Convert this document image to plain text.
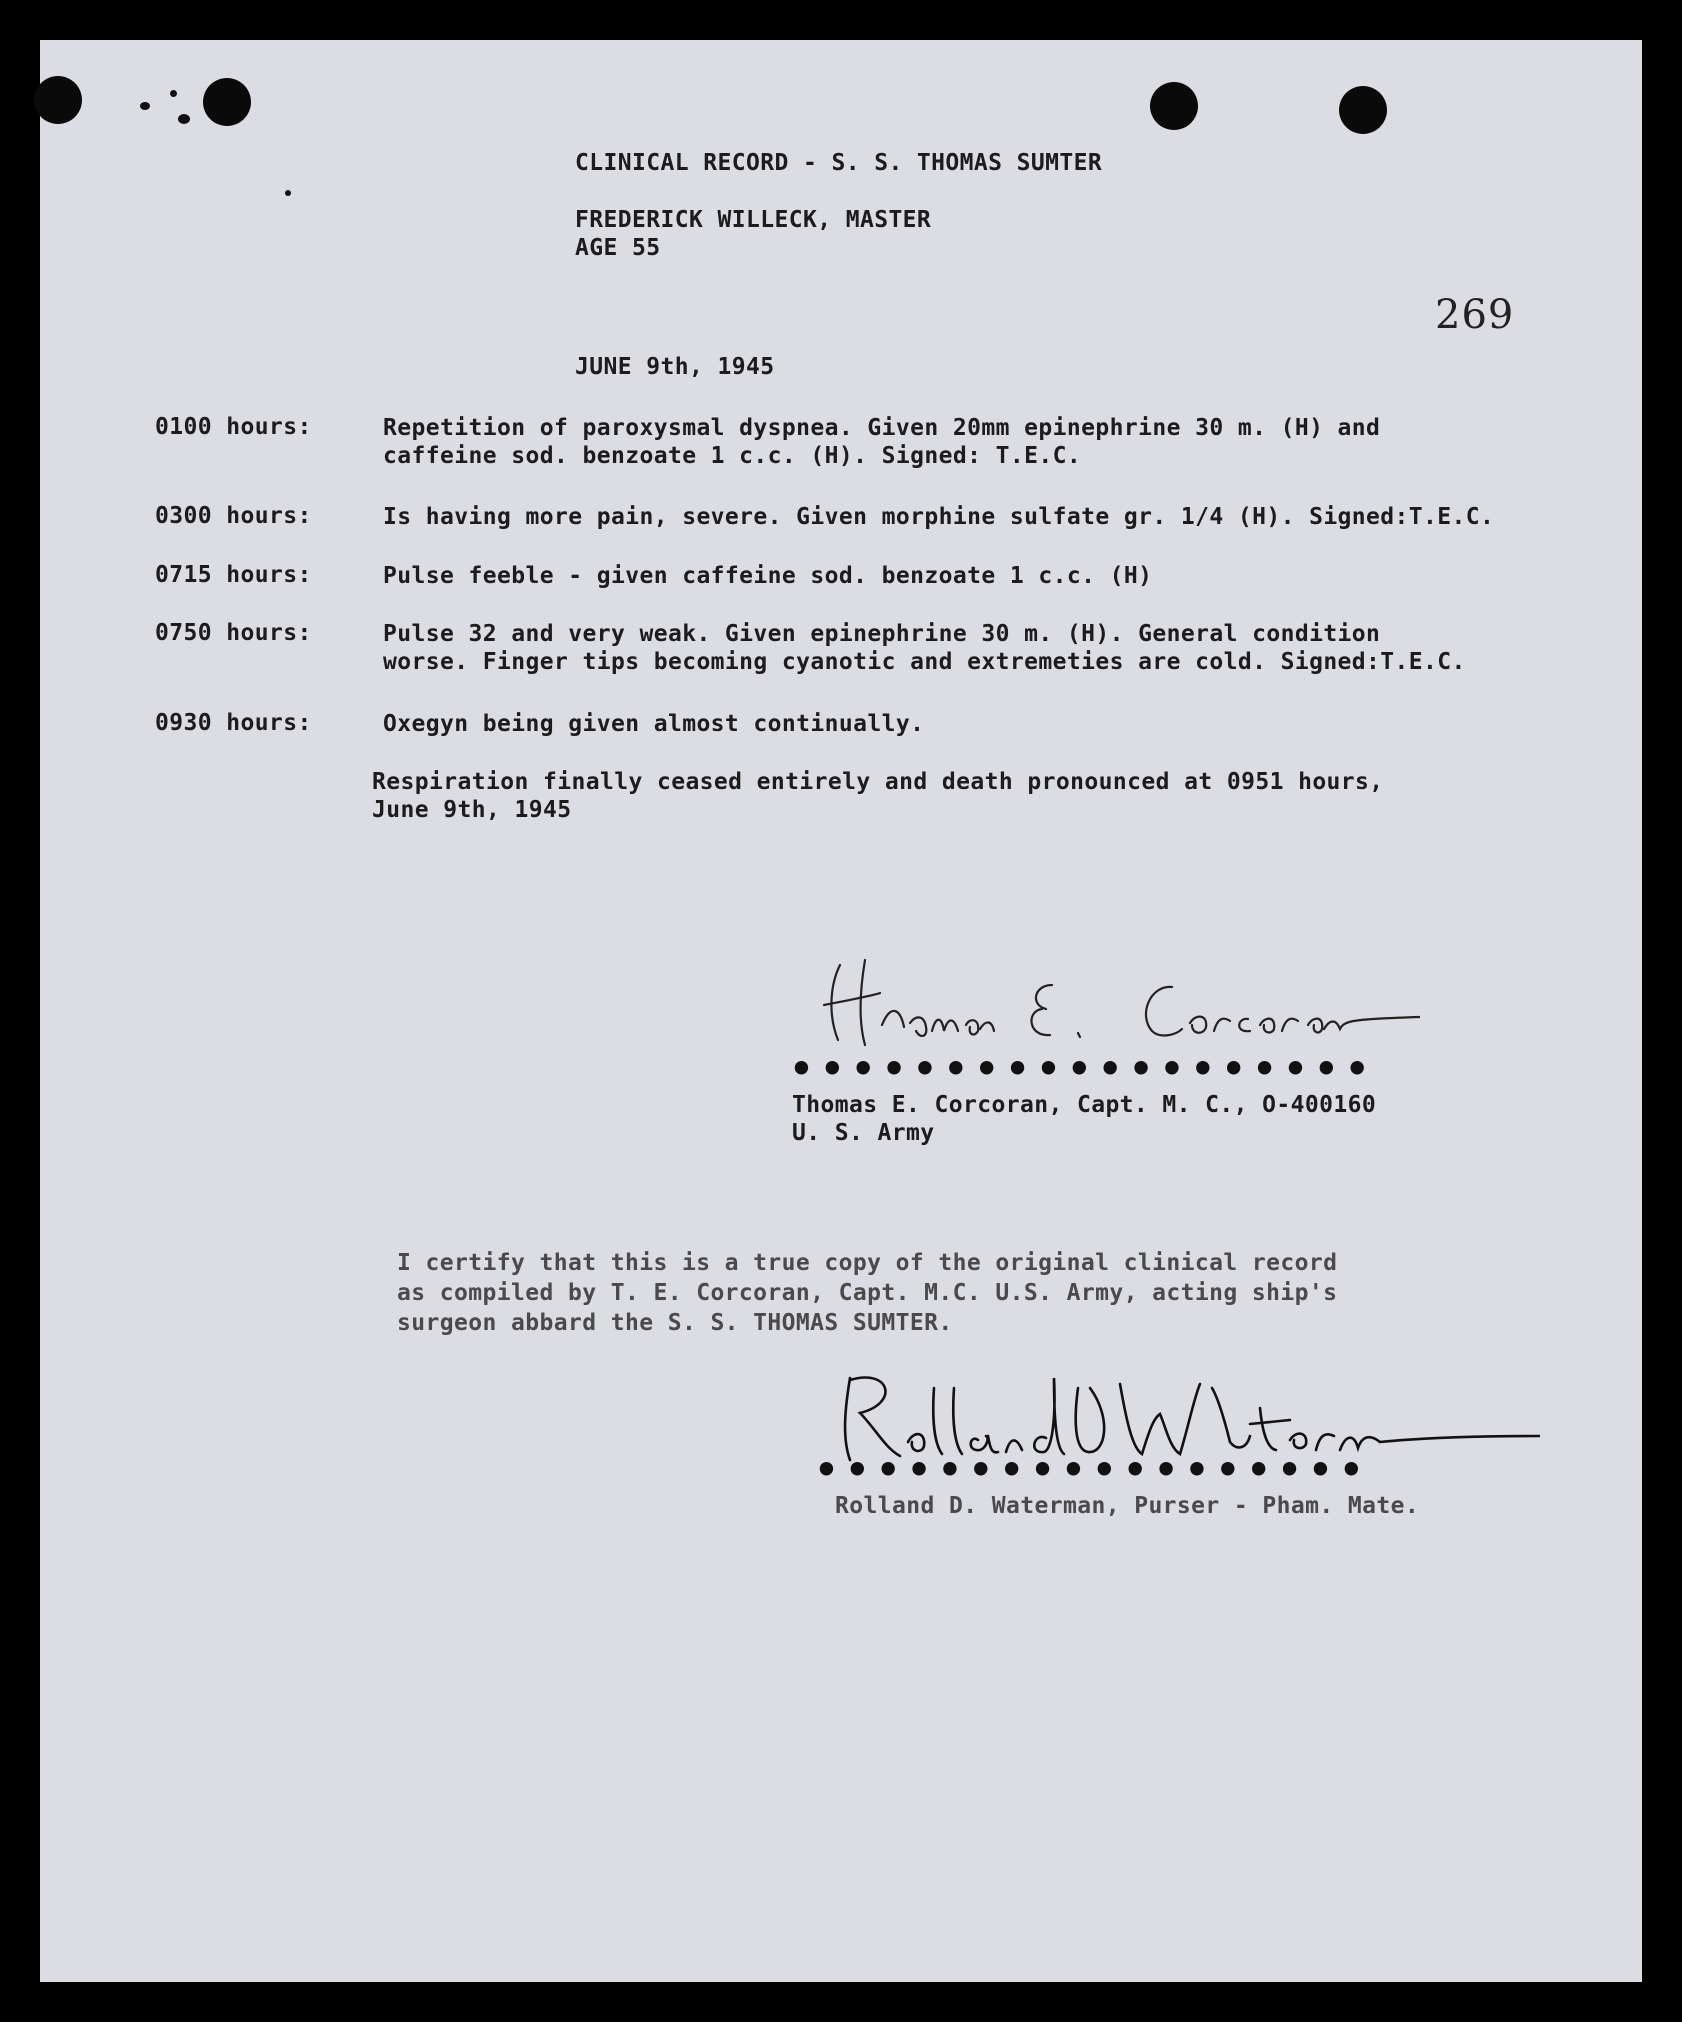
269

CLINICAL RECORD - S. S. THOMAS SUMTER

FREDERICK WILLECK, MASTER

AGE 55

JUNE 9th, 1945

0100 hours:	Repetition of paroxysmal dyspnea. Given 20mm epinephrine 30 m. (H) and
caffeine sod. benzoate 1 c.c. (H). Signed: T.E.C.

0300 hours:	Is having more pain, severe. Given morphine sulfate gr. 1/4 (H). Signed:T.E.C.

0715 hours:	Pulse feeble - given caffeine sod. benzoate 1 c.c. (H)

0750 hours:	Pulse 32 and very weak. Given epinephrine 30 m. (H). General condition
worse. Finger tips becoming cyanotic and extremeties are cold. Signed:T.E.C.

0930 hours:	Oxegyn being given almost continually.

Respiration finally ceased entirely and death pronounced at 0951 hours,
June 9th, 1945

•••••••••••••••••••

Thomas E. Corcoran, Capt. M. C., O-400160

U. S. Army

I certify that this is a true copy of the original clinical record
as compiled by T. E. Corcoran, Capt. M.C. U.S. Army, acting ship's
surgeon abbard the S. S. THOMAS SUMTER.

••••••••••••••••••

Rolland D. Waterman, Purser - Pham. Mate.
